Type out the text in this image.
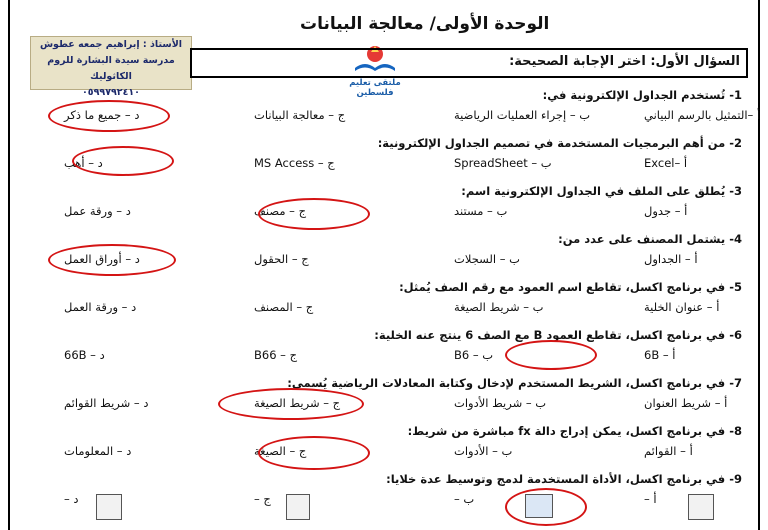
الوحدة الأولى/ معالجة البيانات
الأستاذ : إبراهيم جمعه عطوش
مدرسة سيدة البشارة للروم الكاثوليك
٠٥٩٩٧٩٢٤١٠
ملتقى تعليم فلسطين
السؤال الأول: اختر الإجابة الصحيحة:
1- تُستخدم الجداول الإلكترونية في:
أ –التمثيل بالرسم البياني
ب – إجراء العمليات الرياضية
ج – معالجة البيانات
د – جميع ما ذكر
2- من أهم البرمجيات المستخدمة في تصميم الجداول الإلكترونية:
أ –Excel
ب – SpreadSheet
ج – MS Access
د – أهب
3- يُطلق على الملف في الجداول الإلكترونية اسم:
أ – جدول
ب – مستند
ج – مصنف
د – ورقة عمل
4- يشتمل المصنف على عدد من:
أ – الجداول
ب – السجلات
ج – الحقول
د – أوراق العمل
5- في برنامج اكسل، تقاطع اسم العمود مع رقم الصف يُمثل:
أ – عنوان الخلية
ب – شريط الصيغة
ج – المصنف
د – ورقة العمل
6- في برنامج اكسل، تقاطع العمود B مع الصف 6 ينتج عنه الخلية:
أ – 6B
ب – B6
ج – B66
د – 66B
7- في برنامج اكسل، الشريط المستخدم لإدخال وكتابة المعادلات الرياضية يُسمى:
أ – شريط العنوان
ب – شريط الأدوات
ج – شريط الصيغة
د – شريط القوائم
8- في برنامج اكسل، يمكن إدراج دالة fx مباشرة من شريط:
أ – القوائم
ب – الأدوات
ج – الصيغة
د – المعلومات
9- في برنامج اكسل، الأداة المستخدمة لدمج وتوسيط عدة خلايا:
أ –
ب –
ج –
د –
